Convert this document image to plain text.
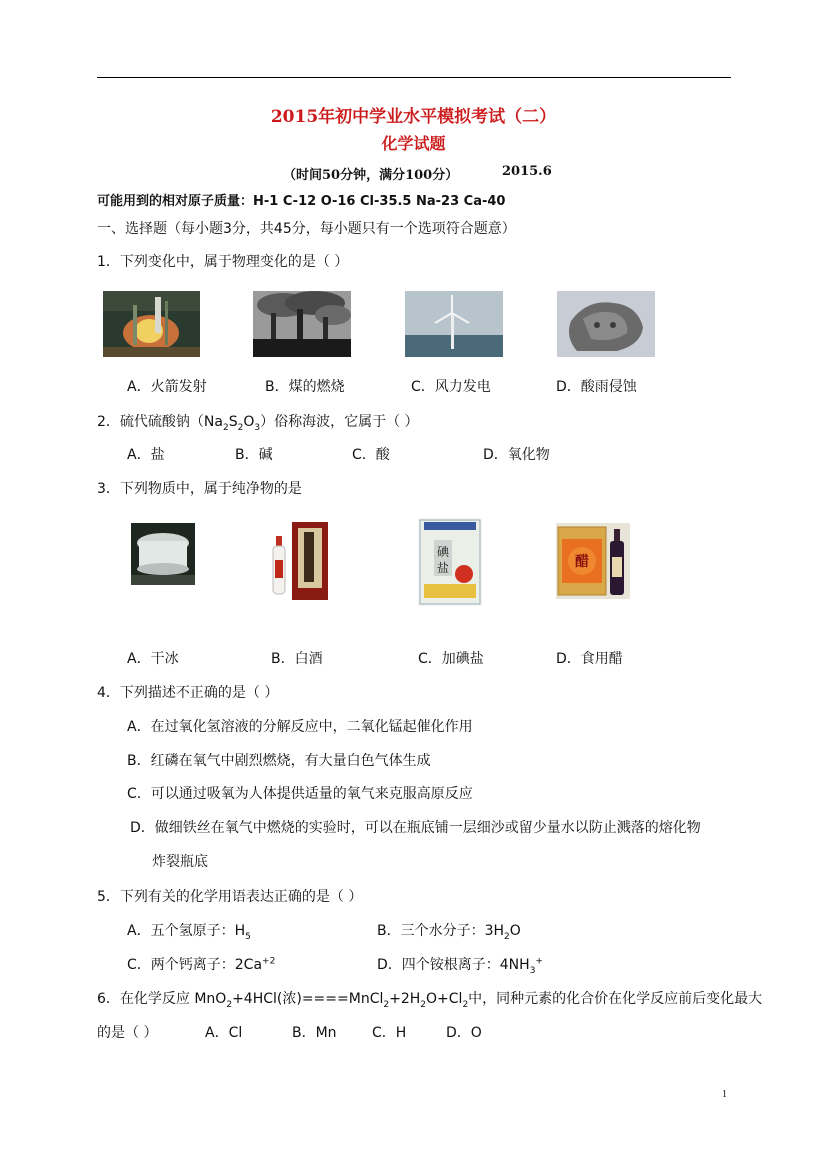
2015年初中学业水平模拟考试（二）
化学试题
（时间50分钟，满分100分）	2015.6
可能用到的相对原子质量：H-1 C-12 O-16 Cl-35.5 Na-23 Ca-40
一、选择题（每小题3分，共45分，每小题只有一个选项符合题意）
1．下列变化中，属于物理变化的是（ ）
A．火箭发射	B．煤的燃烧	C．风力发电	D．酸雨侵蚀
2．硫代硫酸钠$(Na_2S_2O_3)$俗称海波，它属于（ ）
A．盐	B．碱	C．酸	D．氧化物
3．下列物质中，属于纯净物的是
碘
盐	醋
A．干冰	B．白酒	C．加碘盐	D．食用醋
4．下列描述不正确的是（ ）
A．在过氧化氢溶液的分解反应中，二氧化锰起催化作用
B．红磷在氧气中剧烈燃烧，有大量白色气体生成
C．可以通过吸氧为人体提供适量的氧气来克服高原反应
D．做细铁丝在氧气中燃烧的实验时，可以在瓶底铺一层细沙或留少量水以防止溅落的熔化物
炸裂瓶底
5．下列有关的化学用语表达正确的是（ ）
A．五个氢原子：$H_5$	B．三个水分子：$3H_2O$
C．两个钙离子：$2Ca^{+2}$	D．四个铵根离子：$4NH_3^+$
6．在化学反应 MnO$_2$+4HCl(浓)$====MnCl_2+2H_2O+Cl_2$中，同种元素的化合价在化学反应前后变化最大
的是（ ）	A．Cl	B．Mn	C．H	D．O
1
